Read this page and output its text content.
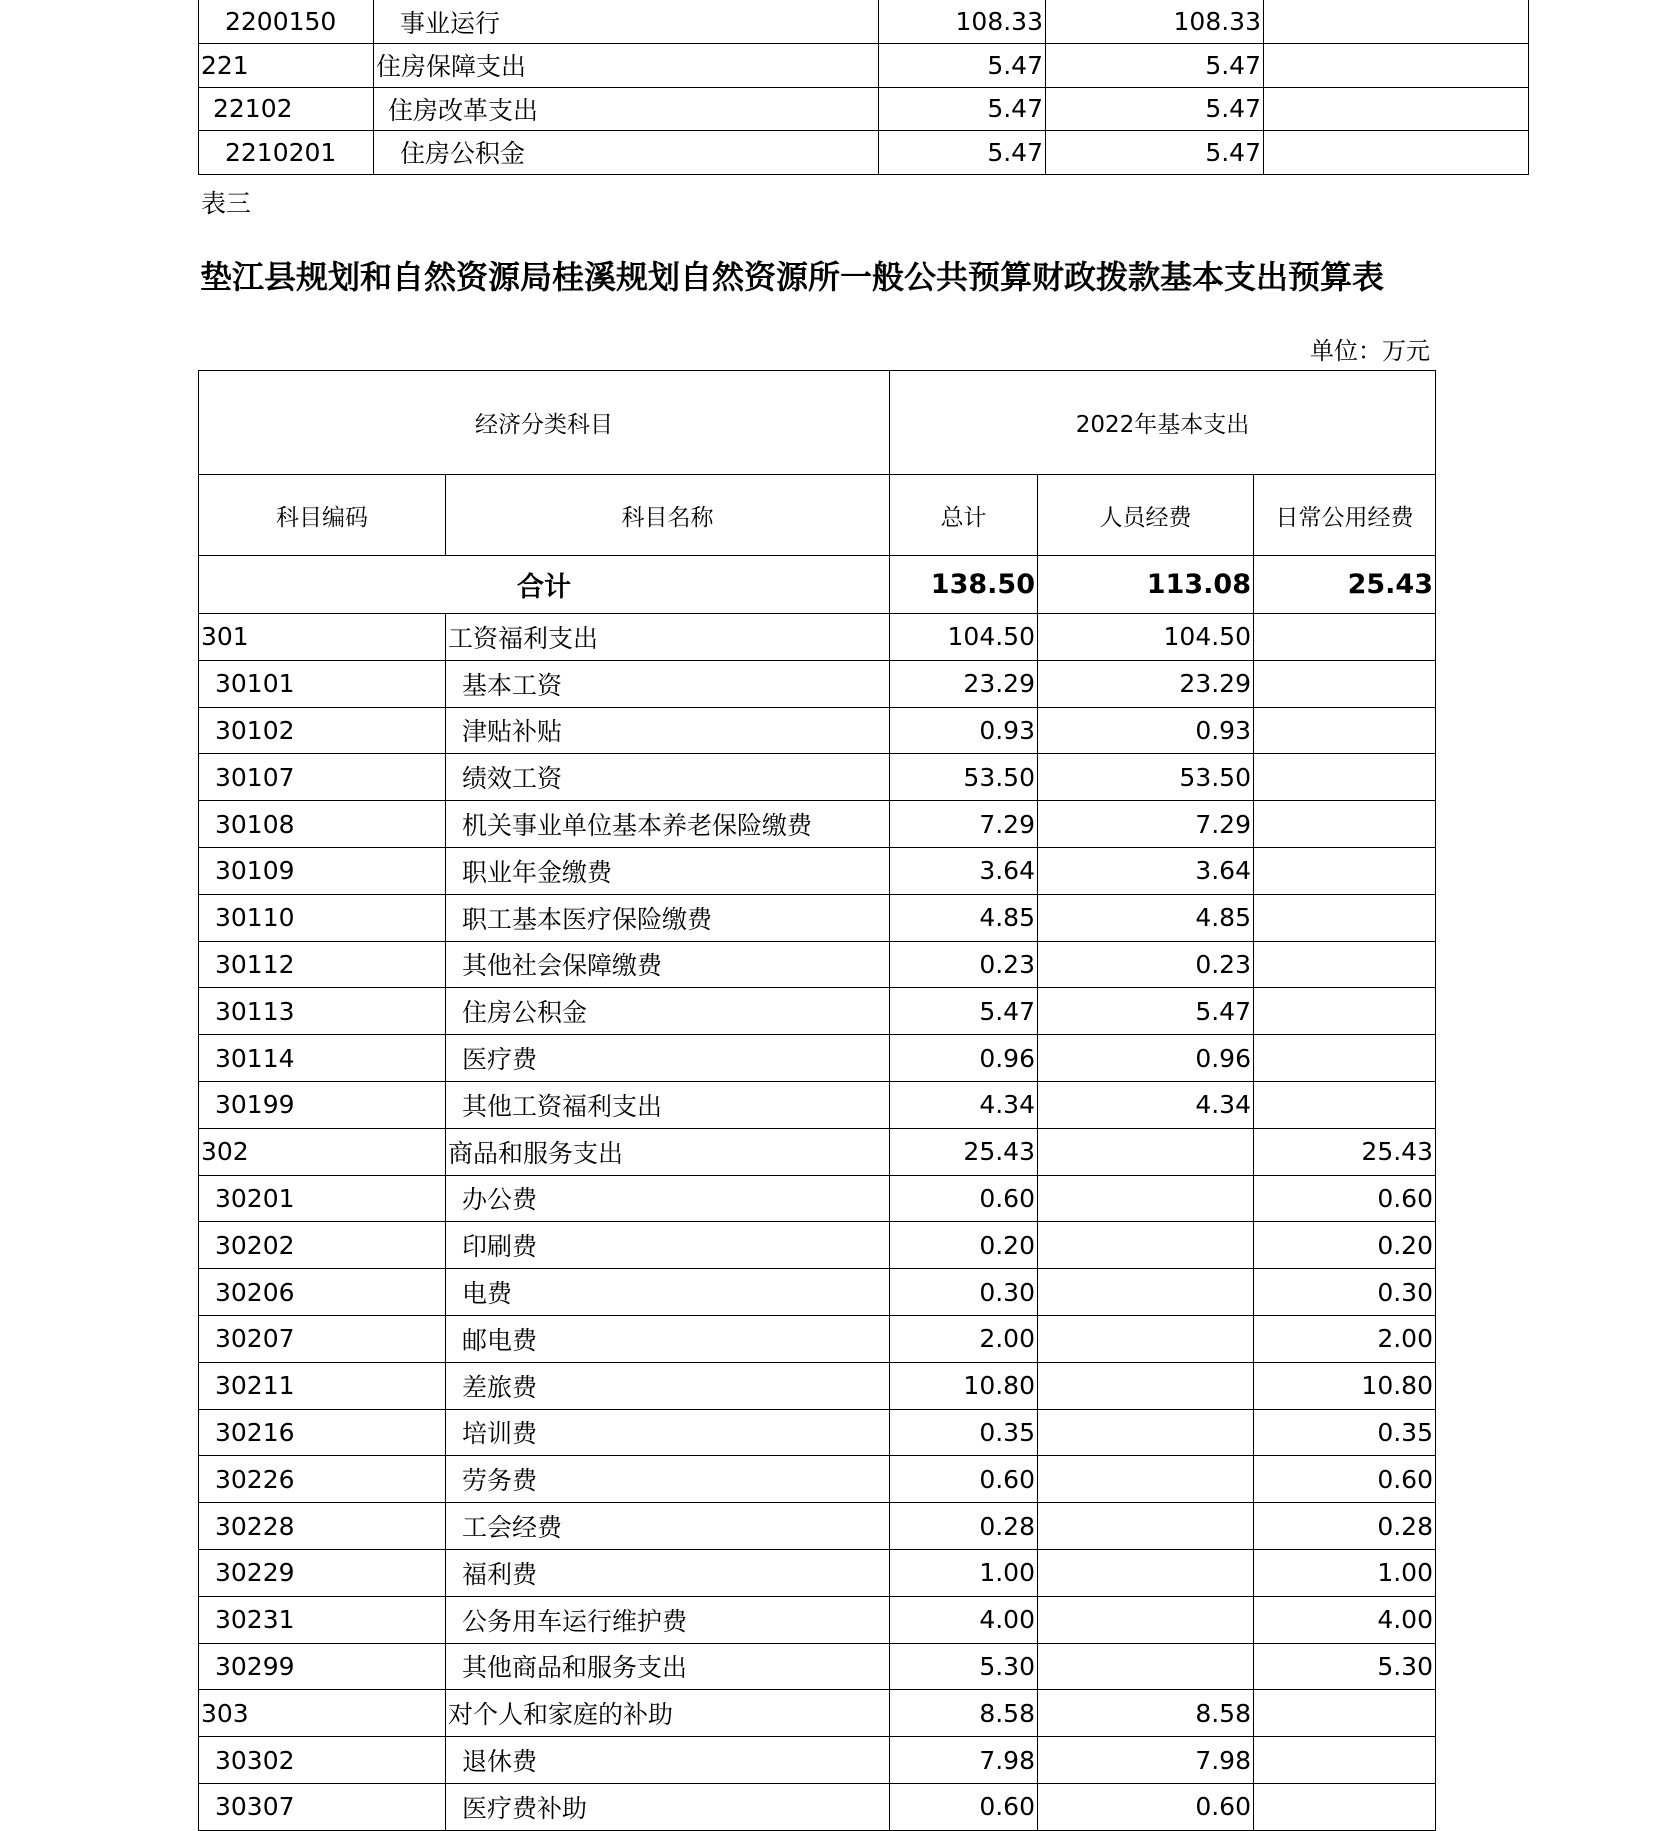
2200150	事业运行	108.33	108.33	
221	住房保障支出	5.47	5.47	
22102	住房改革支出	5.47	5.47	
2210201	住房公积金	5.47	5.47	
表三
垫江县规划和自然资源局桂溪规划自然资源所一般公共预算财政拨款基本支出预算表
单位：万元
经济分类科目		2022年基本支出		
科目编码	科目名称	总计	人员经费	日常公用经费
合计		138.50	113.08	25.43
301	工资福利支出	104.50	104.50	
30101	基本工资	23.29	23.29	
30102	津贴补贴	0.93	0.93	
30107	绩效工资	53.50	53.50	
30108	机关事业单位基本养老保险缴费	7.29	7.29	
30109	职业年金缴费	3.64	3.64	
30110	职工基本医疗保险缴费	4.85	4.85	
30112	其他社会保障缴费	0.23	0.23	
30113	住房公积金	5.47	5.47	
30114	医疗费	0.96	0.96	
30199	其他工资福利支出	4.34	4.34	
302	商品和服务支出	25.43		25.43
30201	办公费	0.60		0.60
30202	印刷费	0.20		0.20
30206	电费	0.30		0.30
30207	邮电费	2.00		2.00
30211	差旅费	10.80		10.80
30216	培训费	0.35		0.35
30226	劳务费	0.60		0.60
30228	工会经费	0.28		0.28
30229	福利费	1.00		1.00
30231	公务用车运行维护费	4.00		4.00
30299	其他商品和服务支出	5.30		5.30
303	对个人和家庭的补助	8.58	8.58	
30302	退休费	7.98	7.98	
30307	医疗费补助	0.60	0.60	
